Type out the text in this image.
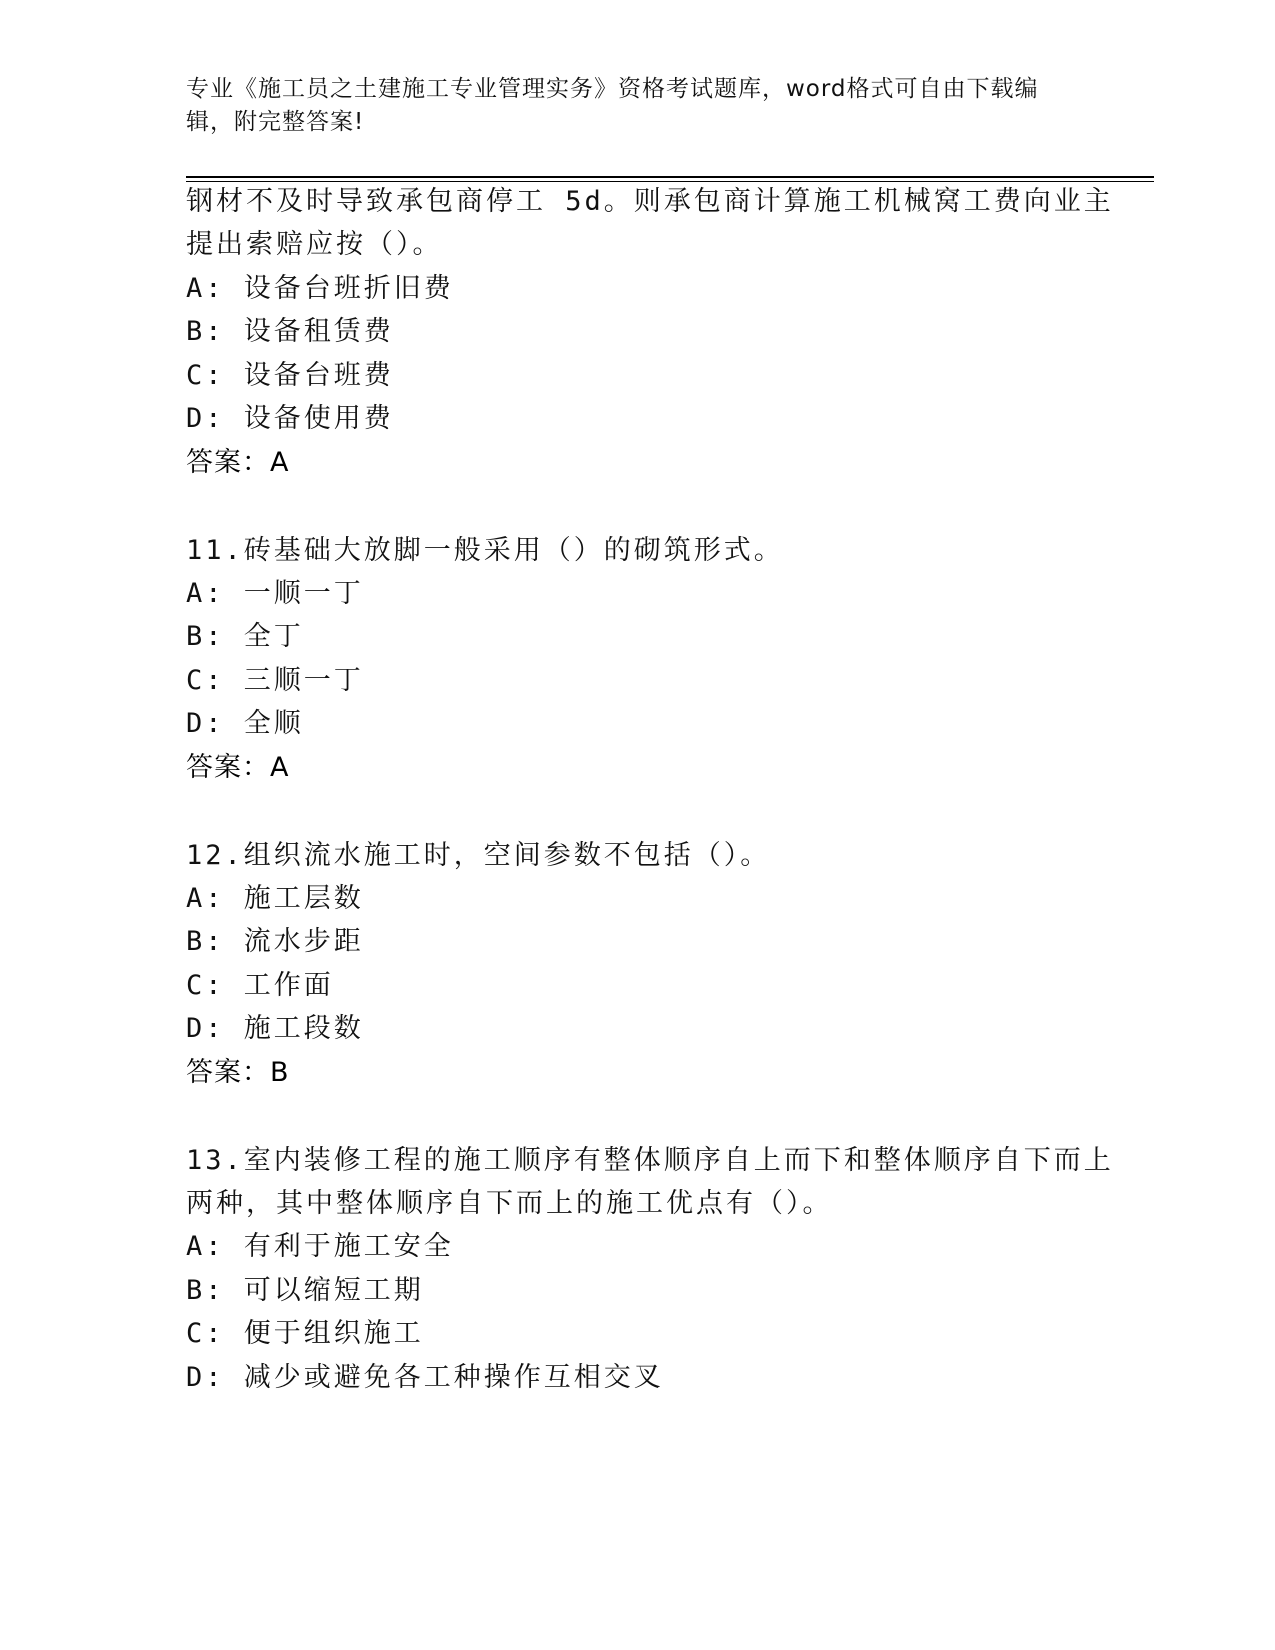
专业《施工员之土建施工专业管理实务》资格考试题库，word格式可自由下载编
辑，附完整答案!
钢材不及时导致承包商停工 5d。则承包商计算施工机械窝工费向业主
提出索赔应按（）。
A: 设备台班折旧费
B: 设备租赁费
C: 设备台班费
D: 设备使用费
答案：A
11.砖基础大放脚一般采用（）的砌筑形式。
A: 一顺一丁
B: 全丁
C: 三顺一丁
D: 全顺
答案：A
12.组织流水施工时，空间参数不包括（）。
A: 施工层数
B: 流水步距
C: 工作面
D: 施工段数
答案：B
13.室内装修工程的施工顺序有整体顺序自上而下和整体顺序自下而上
两种，其中整体顺序自下而上的施工优点有（）。
A: 有利于施工安全
B: 可以缩短工期
C: 便于组织施工
D: 减少或避免各工种操作互相交叉
